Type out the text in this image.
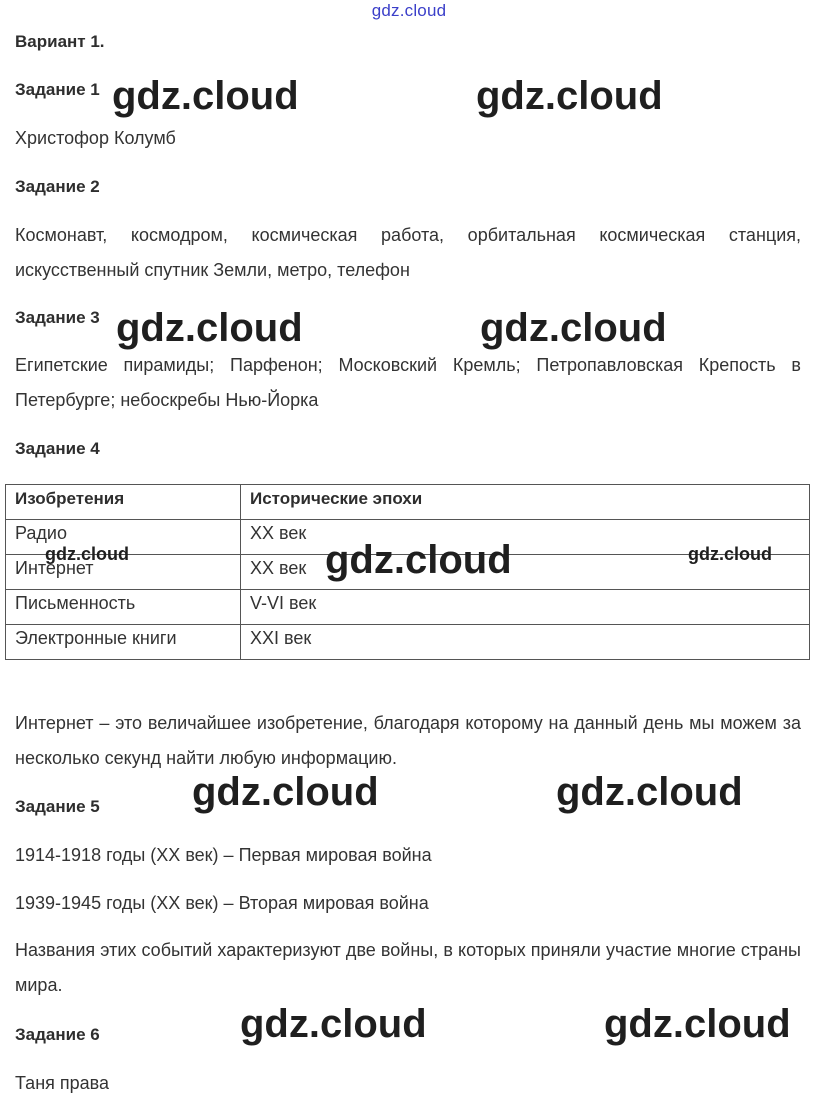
gdz.cloud
Вариант 1.
Задание 1
Христофор Колумб
Задание 2
Космонавт, космодром, космическая работа, орбитальная космическая станция, искусственный спутник Земли, метро, телефон
Задание 3
Египетские пирамиды; Парфенон; Московский Кремль; Петропавловская Крепость в Петербурге; небоскребы Нью-Йорка
Задание 4
Изобретения	Исторические эпохи
Радио	XX век
Интернет	XX век
Письменность	V-VI век
Электронные книги	XXI век
Интернет – это величайшее изобретение, благодаря которому на данный день мы можем за несколько секунд найти любую информацию.
Задание 5
1914-1918 годы (XX век) – Первая мировая война
1939-1945 годы (XX век) – Вторая мировая война
Названия этих событий характеризуют две войны, в которых приняли участие многие страны мира.
Задание 6
Таня права
gdz.cloud	gdz.cloud
gdz.cloud	gdz.cloud
gdz.cloud	gdz.cloud	gdz.cloud
gdz.cloud	gdz.cloud
gdz.cloud	gdz.cloud
